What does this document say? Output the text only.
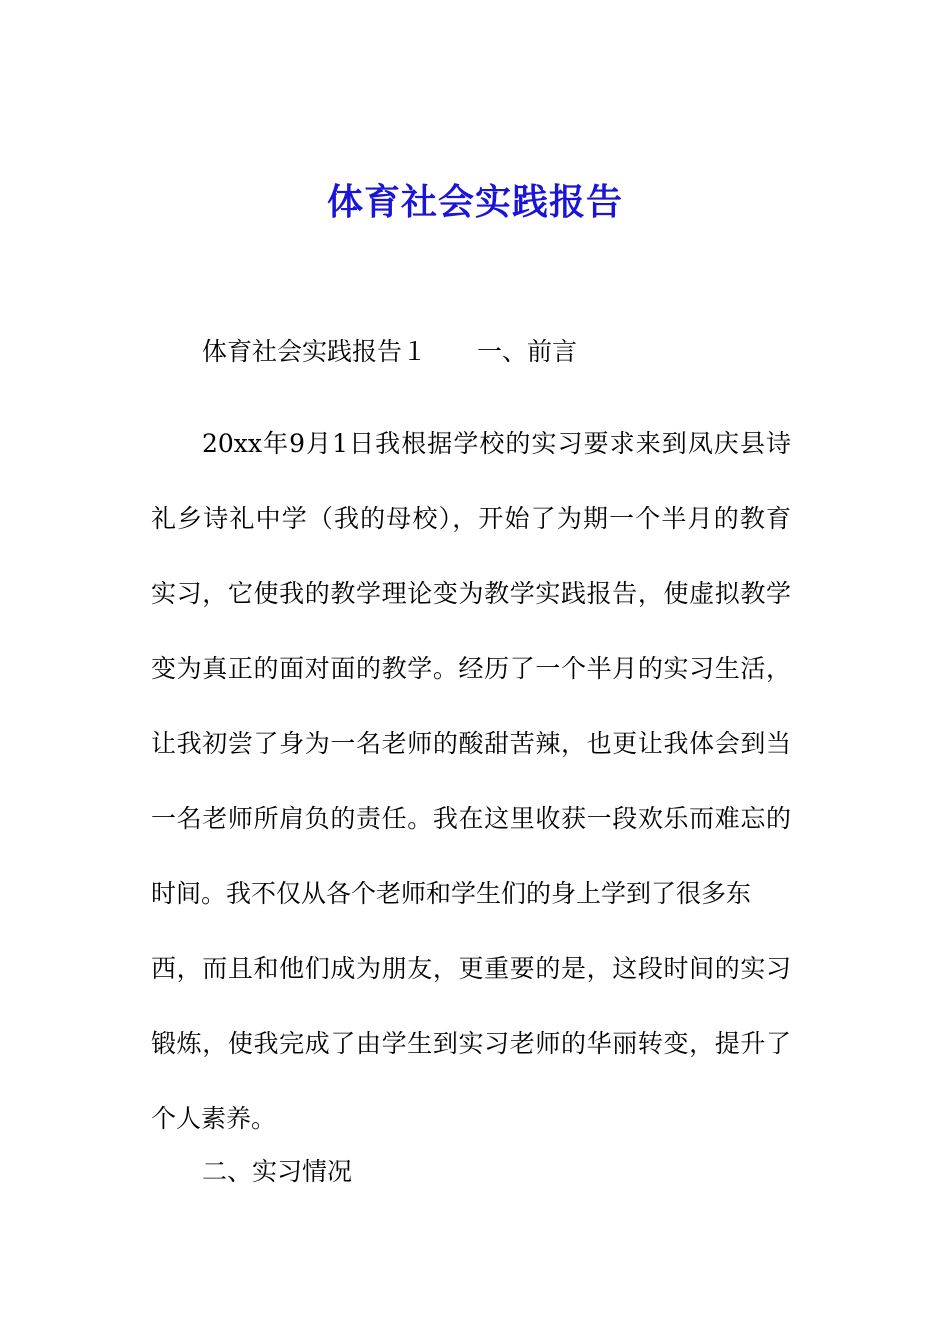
体育社会实践报告

体育社会实践报告１ 一、前言

20xx年9月1日我根据学校的实习要求来到凤庆县诗
礼乡诗礼中学（我的母校），开始了为期一个半月的教育
实习，它使我的教学理论变为教学实践报告，使虚拟教学
变为真正的面对面的教学。经历了一个半月的实习生活，
让我初尝了身为一名老师的酸甜苦辣，也更让我体会到当
一名老师所肩负的责任。我在这里收获一段欢乐而难忘的
时间。我不仅从各个老师和学生们的身上学到了很多东
西，而且和他们成为朋友，更重要的是，这段时间的实习
锻炼，使我完成了由学生到实习老师的华丽转变，提升了
个人素养。

二、实习情况
